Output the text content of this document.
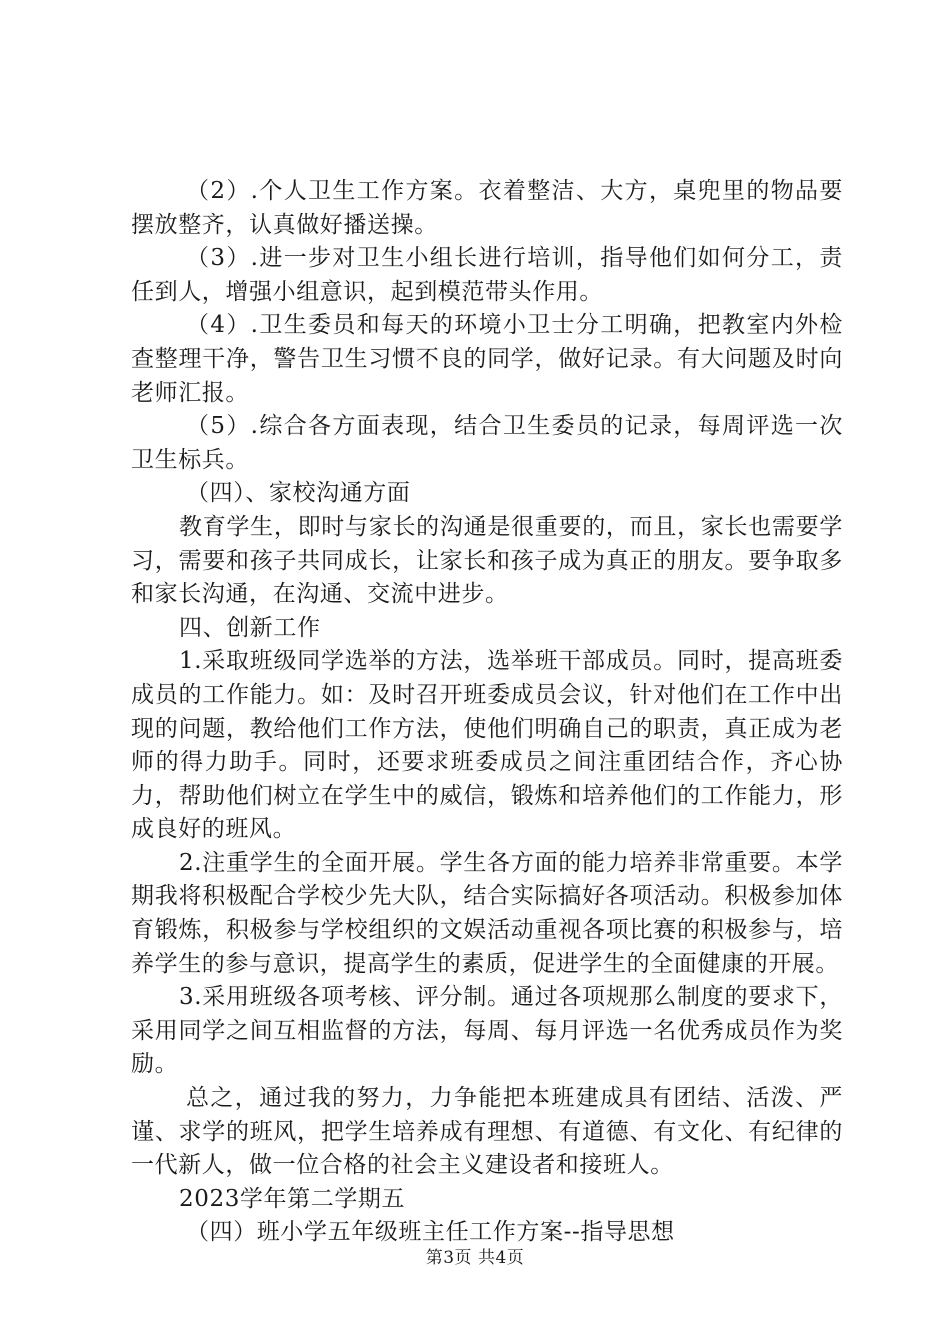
（2）.个人卫生工作方案。衣着整洁、大方，桌兜里的物品要摆放整齐，认真做好播送操。

（3）.进一步对卫生小组长进行培训，指导他们如何分工，责任到人，增强小组意识，起到模范带头作用。

（4）.卫生委员和每天的环境小卫士分工明确，把教室内外检查整理干净，警告卫生习惯不良的同学，做好记录。有大问题及时向老师汇报。

（5）.综合各方面表现，结合卫生委员的记录，每周评选一次卫生标兵。

（四）、家校沟通方面

教育学生，即时与家长的沟通是很重要的，而且，家长也需要学习，需要和孩子共同成长，让家长和孩子成为真正的朋友。要争取多和家长沟通，在沟通、交流中进步。

四、创新工作

1.采取班级同学选举的方法，选举班干部成员。同时，提高班委成员的工作能力。如：及时召开班委成员会议，针对他们在工作中出现的问题，教给他们工作方法，使他们明确自己的职责，真正成为老师的得力助手。同时，还要求班委成员之间注重团结合作，齐心协力，帮助他们树立在学生中的威信，锻炼和培养他们的工作能力，形成良好的班风。

2.注重学生的全面开展。学生各方面的能力培养非常重要。本学期我将积极配合学校少先大队，结合实际搞好各项活动。积极参加体育锻炼，积极参与学校组织的文娱活动重视各项比赛的积极参与，培养学生的参与意识，提高学生的素质，促进学生的全面健康的开展。

3.采用班级各项考核、评分制。通过各项规那么制度的要求下，采用同学之间互相监督的方法，每周、每月评选一名优秀成员作为奖励。

总之，通过我的努力，力争能把本班建成具有团结、活泼、严谨、求学的班风，把学生培养成有理想、有道德、有文化、有纪律的一代新人，做一位合格的社会主义建设者和接班人。

2023学年第二学期五

（四）班小学五年级班主任工作方案--指导思想

第3页 共4页
